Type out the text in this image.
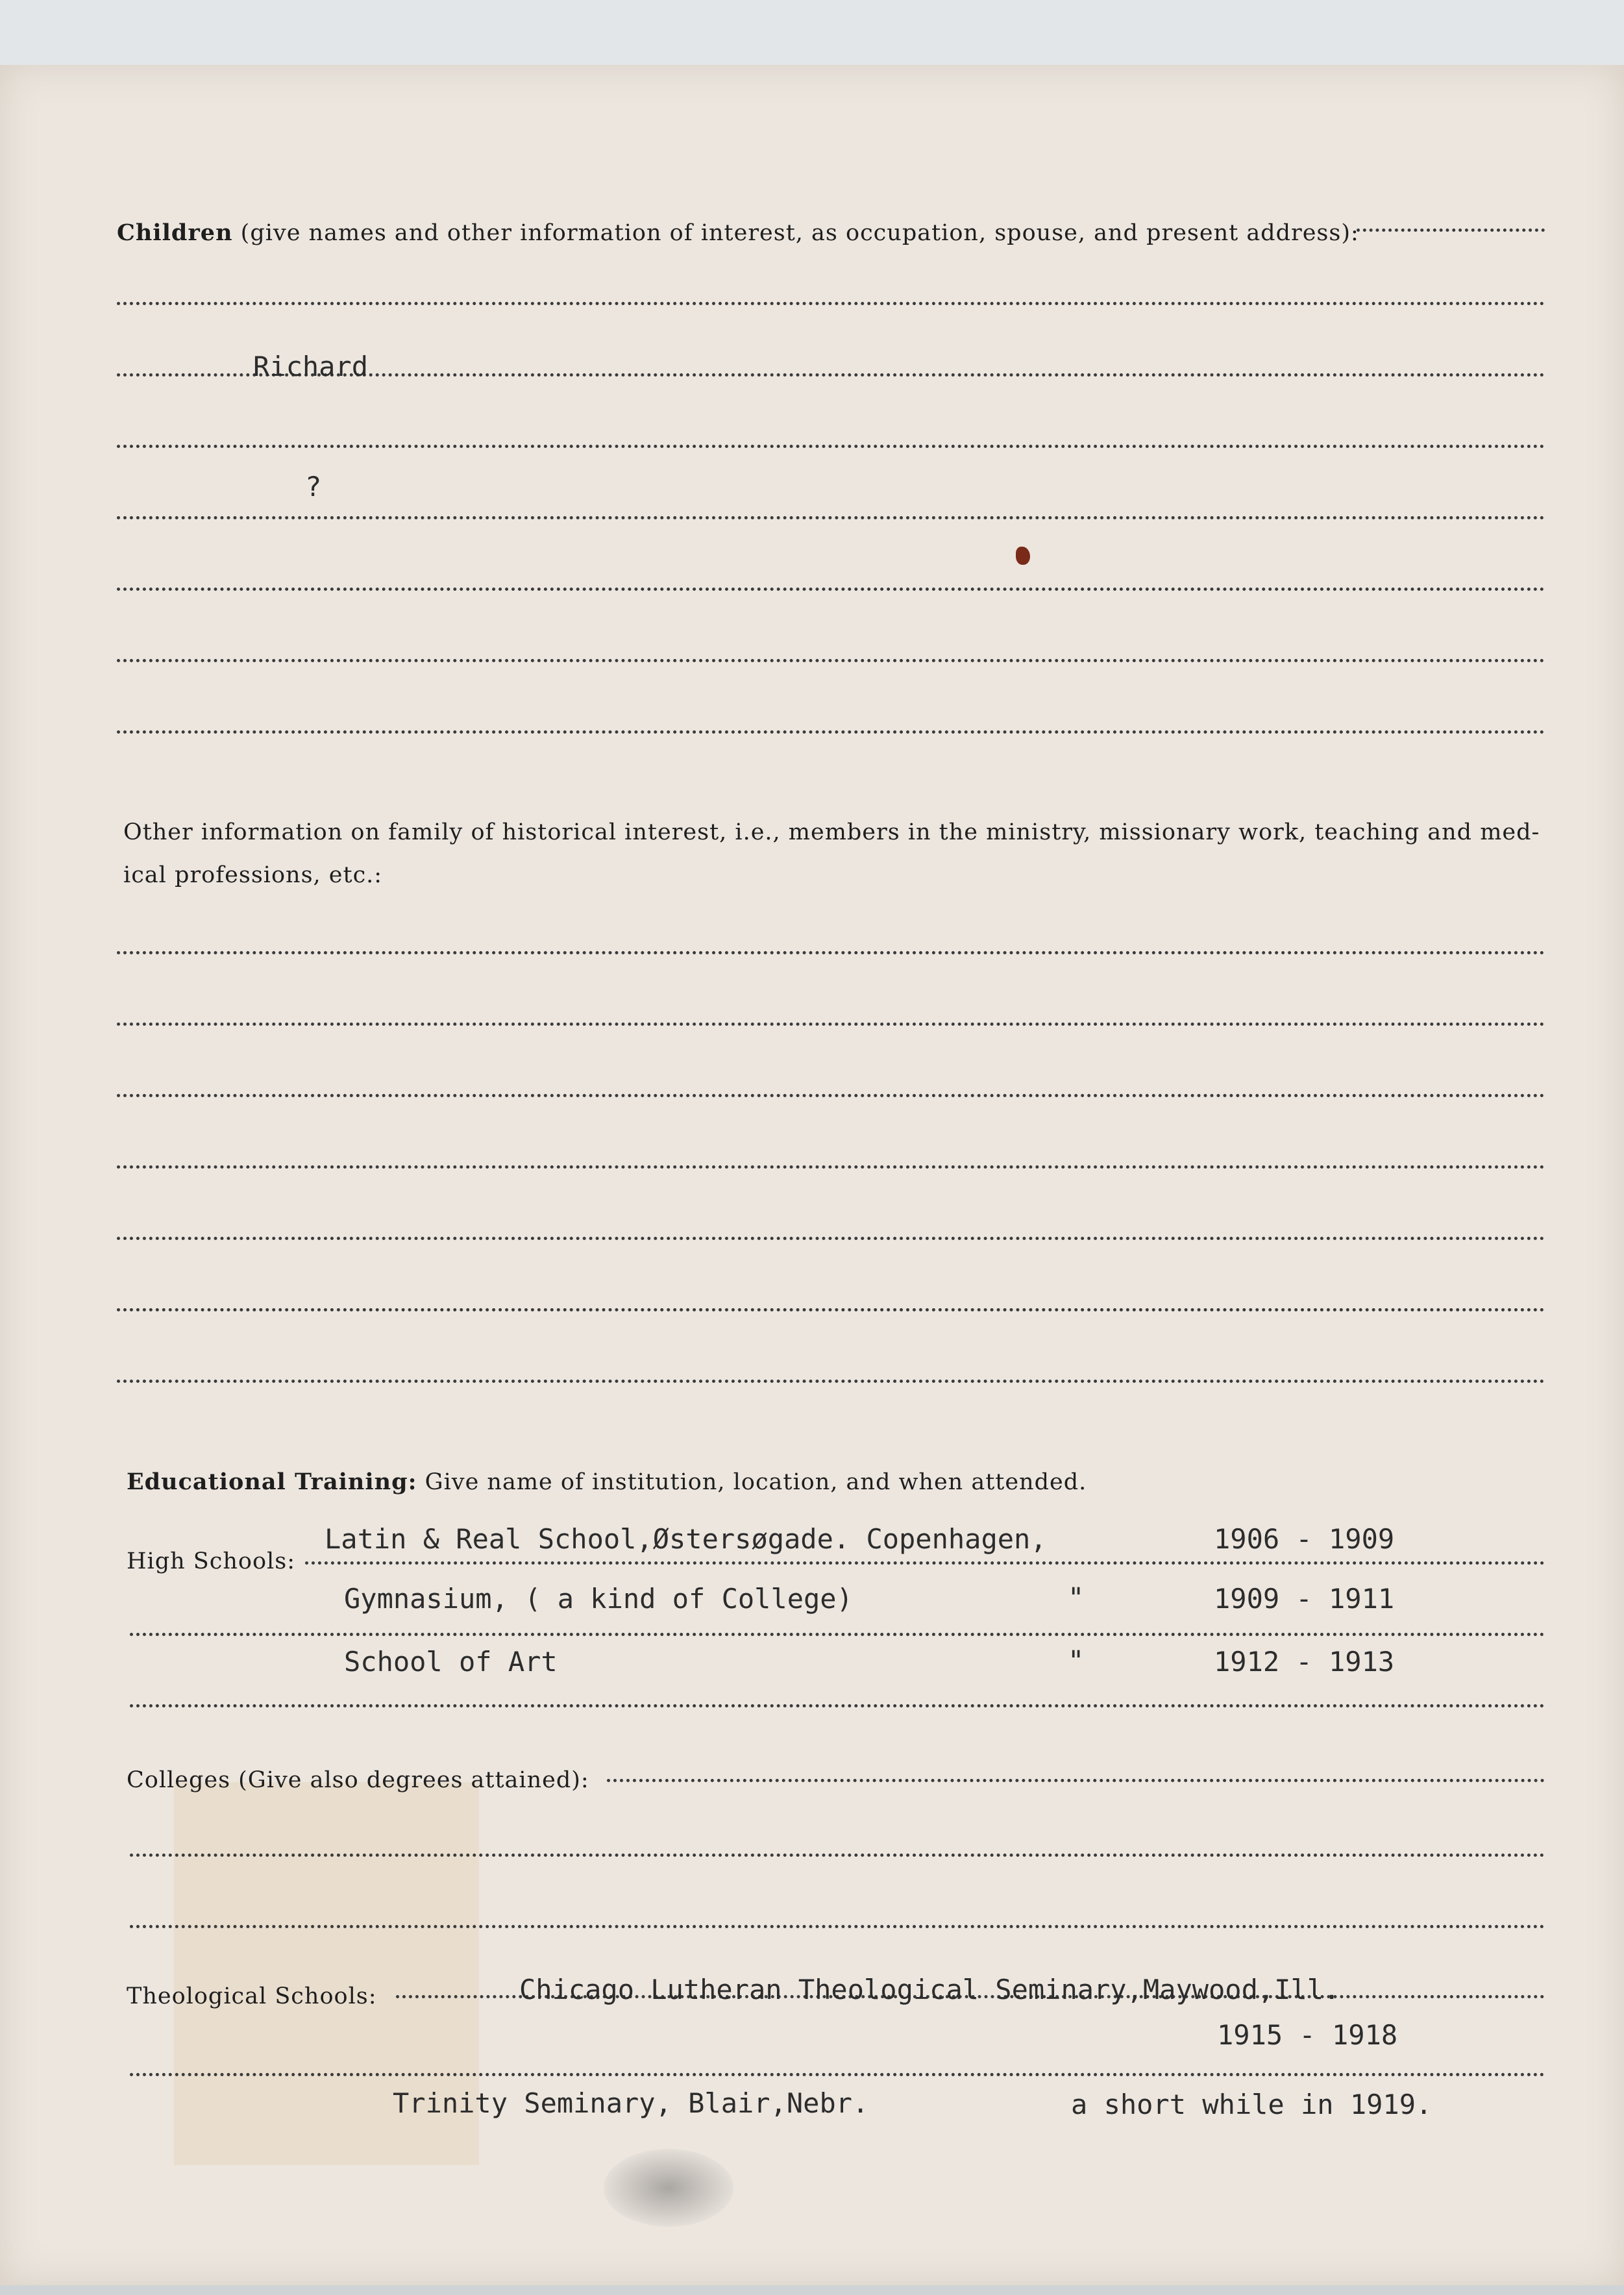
Children (give names and other information of interest, as occupation, spouse, and present address):
Richard
?
Other information on family of historical interest, i.e., members in the ministry, missionary work, teaching and med-
ical professions, etc.:
Educational Training: Give name of institution, location, and when attended.
High Schools:
Latin & Real School,Østersøgade. Copenhagen,	1906 - 1909
Gymnasium, ( a kind of College)	"	1909 - 1911
School of Art	"	1912 - 1913
Colleges (Give also degrees attained):
Theological Schools:	Chicago Lutheran Theological Seminary,Maywood,Ill.
1915 - 1918
Trinity Seminary, Blair,Nebr.	a short while in 1919.
